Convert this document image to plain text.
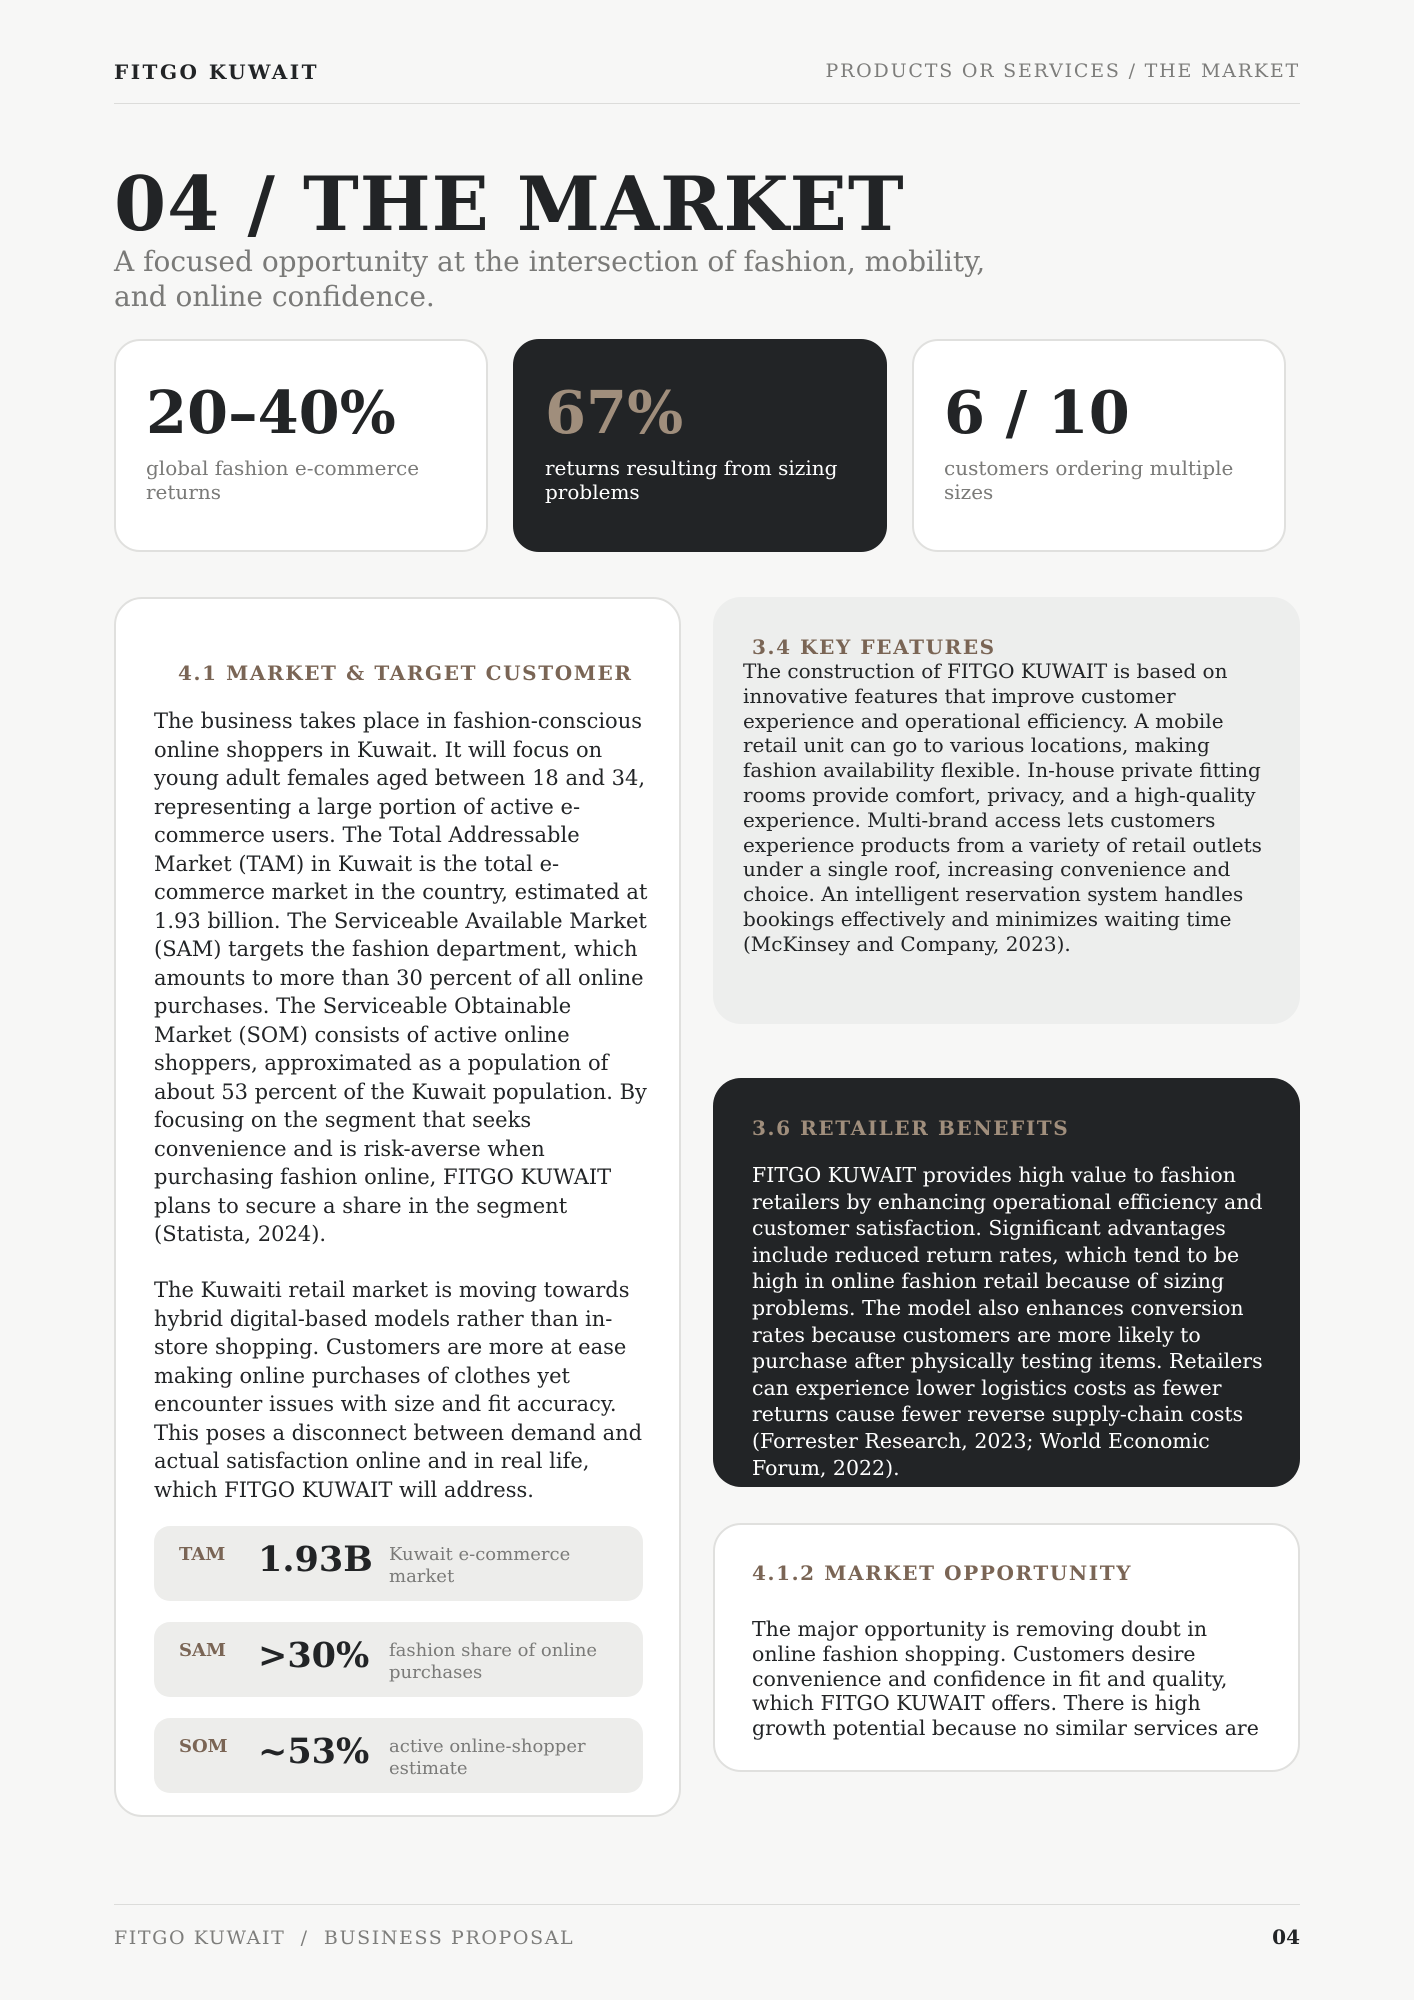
FITGO KUWAIT	PRODUCTS OR SERVICES / THE MARKET
04 / THE MARKET
A focused opportunity at the intersection of fashion, mobility, and online confidence.
20–40%
global fashion e-commerce returns
67%
returns resulting from sizing problems
6 / 10
customers ordering multiple sizes
4.1 MARKET & TARGET CUSTOMER

The business takes place in fashion-conscious online shoppers in Kuwait. It will focus on young adult females aged between 18 and 34, representing a large portion of active e-commerce users. The Total Addressable Market (TAM) in Kuwait is the total e-commerce market in the country, estimated at 1.93 billion. The Serviceable Available Market (SAM) targets the fashion department, which amounts to more than 30 percent of all online purchases. The Serviceable Obtainable Market (SOM) consists of active online shoppers, approximated as a population of about 53 percent of the Kuwait population. By focusing on the segment that seeks convenience and is risk-averse when purchasing fashion online, FITGO KUWAIT plans to secure a share in the segment (Statista, 2024).

The Kuwaiti retail market is moving towards hybrid digital-based models rather than in-store shopping. Customers are more at ease making online purchases of clothes yet encounter issues with size and fit accuracy. This poses a disconnect between demand and actual satisfaction online and in real life, which FITGO KUWAIT will address.

TAM 1.93B Kuwait e-commerce market
SAM >30% fashion share of online purchases
SOM ~53% active online-shopper estimate
3.4 KEY FEATURES

The construction of FITGO KUWAIT is based on innovative features that improve customer experience and operational efficiency. A mobile retail unit can go to various locations, making fashion availability flexible. In-house private fitting rooms provide comfort, privacy, and a high-quality experience. Multi-brand access lets customers experience products from a variety of retail outlets under a single roof, increasing convenience and choice. An intelligent reservation system handles bookings effectively and minimizes waiting time (McKinsey and Company, 2023).

3.6 RETAILER BENEFITS

FITGO KUWAIT provides high value to fashion retailers by enhancing operational efficiency and customer satisfaction. Significant advantages include reduced return rates, which tend to be high in online fashion retail because of sizing problems. The model also enhances conversion rates because customers are more likely to purchase after physically testing items. Retailers can experience lower logistics costs as fewer returns cause fewer reverse supply-chain costs (Forrester Research, 2023; World Economic Forum, 2022).

4.1.2 MARKET OPPORTUNITY

The major opportunity is removing doubt in online fashion shopping. Customers desire convenience and confidence in fit and quality, which FITGO KUWAIT offers. There is high growth potential because no similar services are

FITGO KUWAIT  /  BUSINESS PROPOSAL	04
